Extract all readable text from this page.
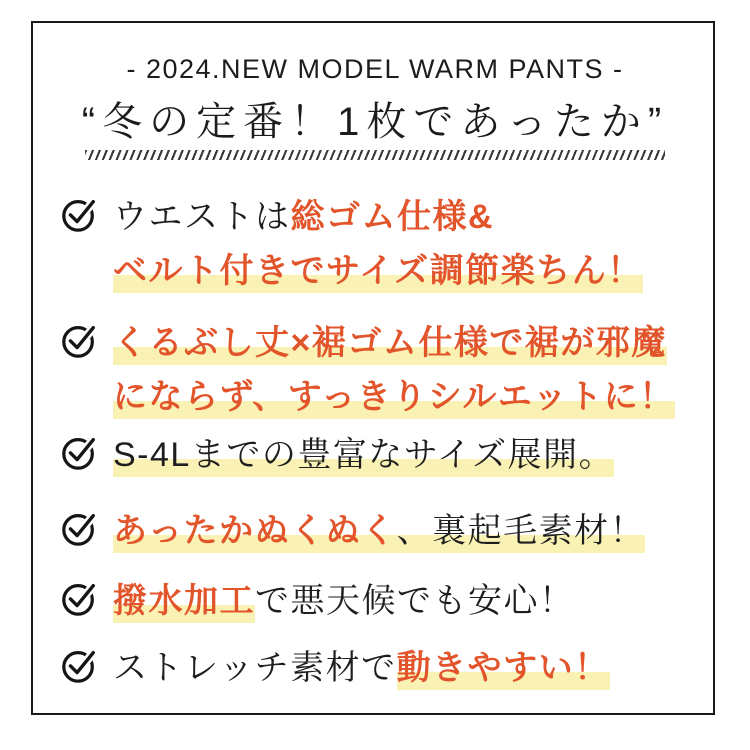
- 2024.NEW MODEL WARM PANTS -
“冬の定番！1枚であったか”
ウエストは総ゴム仕様&
ベルト付きでサイズ調節楽ちん！
くるぶし丈×裾ゴム仕様で裾が邪魔
にならず、すっきりシルエットに！
S-4Lまでの豊富なサイズ展開。
あったかぬくぬく、裏起毛素材！
撥水加工で悪天候でも安心！
ストレッチ素材で動きやすい！
